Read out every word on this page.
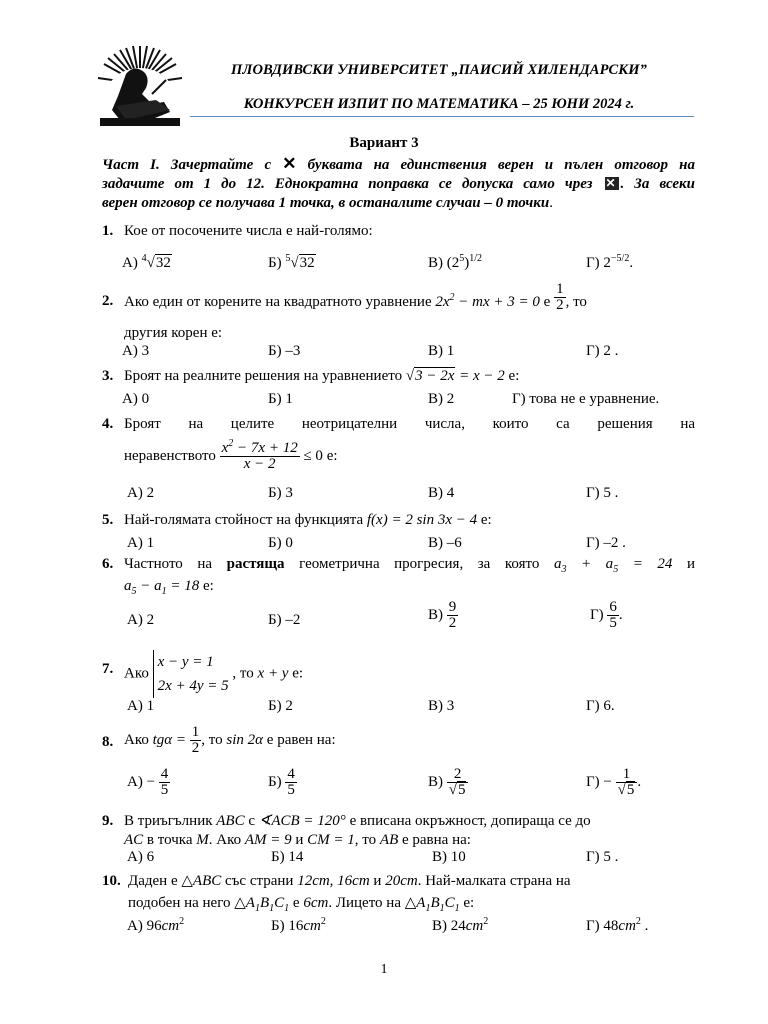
ПЛОВДИВСКИ УНИВЕРСИТЕТ „ПАИСИЙ ХИЛЕНДАРСКИ”
КОНКУРСЕН ИЗПИТ ПО МАТЕМАТИКА – 25 ЮНИ 2024 г.
Вариант 3
Част I. Зачертайте с ✕ буквата на единствения верен и пълен отговор на
задачите от 1 до 12. Еднократна поправка се допуска само чрез ✕ . За всеки
верен отговор се получава 1 точка, в останалите случаи – 0 точки.
1. Кое от посочените числа е най-голямо:
А) $^4$√32	Б) $^5$√32	В) $(2^5)^{1/2}$	Г) $2^{-5/2}$.
2. Ако един от корените на квадратното уравнение $2x^2$ − mx + 3 = 0 е $\frac{1}{2}$ , то
другия корен е:
А) 3	Б) –3	В) 1	Г) 2 .
3. Броят на реалните решения на уравнението √3 − 2x = x − 2 е:
А) 0	Б) 1	В) 2	Г) това не е уравнение.
4. Броят на целите неотрицателни числа, които са решения на
неравенството $\frac{x^2 - 7x + 12}{x - 2} \le 0$ е:
А) 2	Б) 3	В) 4	Г) 5 .
5. Най-голямата стойност на функцията f(x) = 2 sin 3x − 4 е:
А) 1	Б) 0	В) –6	Г) –2 .
6. Частното на растяща геометрична прогресия, за която $a_3 + a_5 = 24$ и
$a_5 - a_1 = 18$ е:
А) 2	Б) –2	$В) \frac{9}{2}$	$Г) \frac{6}{5}$ .
7. Ако
x − y = 1
2x + 4y = 5
, то x + y е:
А) 1	Б) 2	В) 3	Г) 6.
8. Ако $tg\alpha = \frac{1}{2}$ , то sin 2α е равен на:
$А) - \frac{4}{5}$	$Б) \frac{4}{5}$	$В) \frac{2}{√5}$	$Г) - \frac{1}{√5}$ .
9. В триъгълник ABC с ∢ACB = 120° е вписана окръжност, допираща се до
AC в точка M. Ако AM = 9 и CM = 1, то AB е равна на:
А) 6	Б) 14	В) 10	Г) 5 .
10. Даден е △ABC със страни 12cm, 16cm и 20cm. Най-малката страна на
подобен на него $\triangle A_1B_1C_1$ е 6cm. Лицето на $\triangle A_1B_1C_1$ е:
А) $96cm^2$	Б) $16cm^2$	В) $24cm^2$	Г) $48cm^2$ .
1
